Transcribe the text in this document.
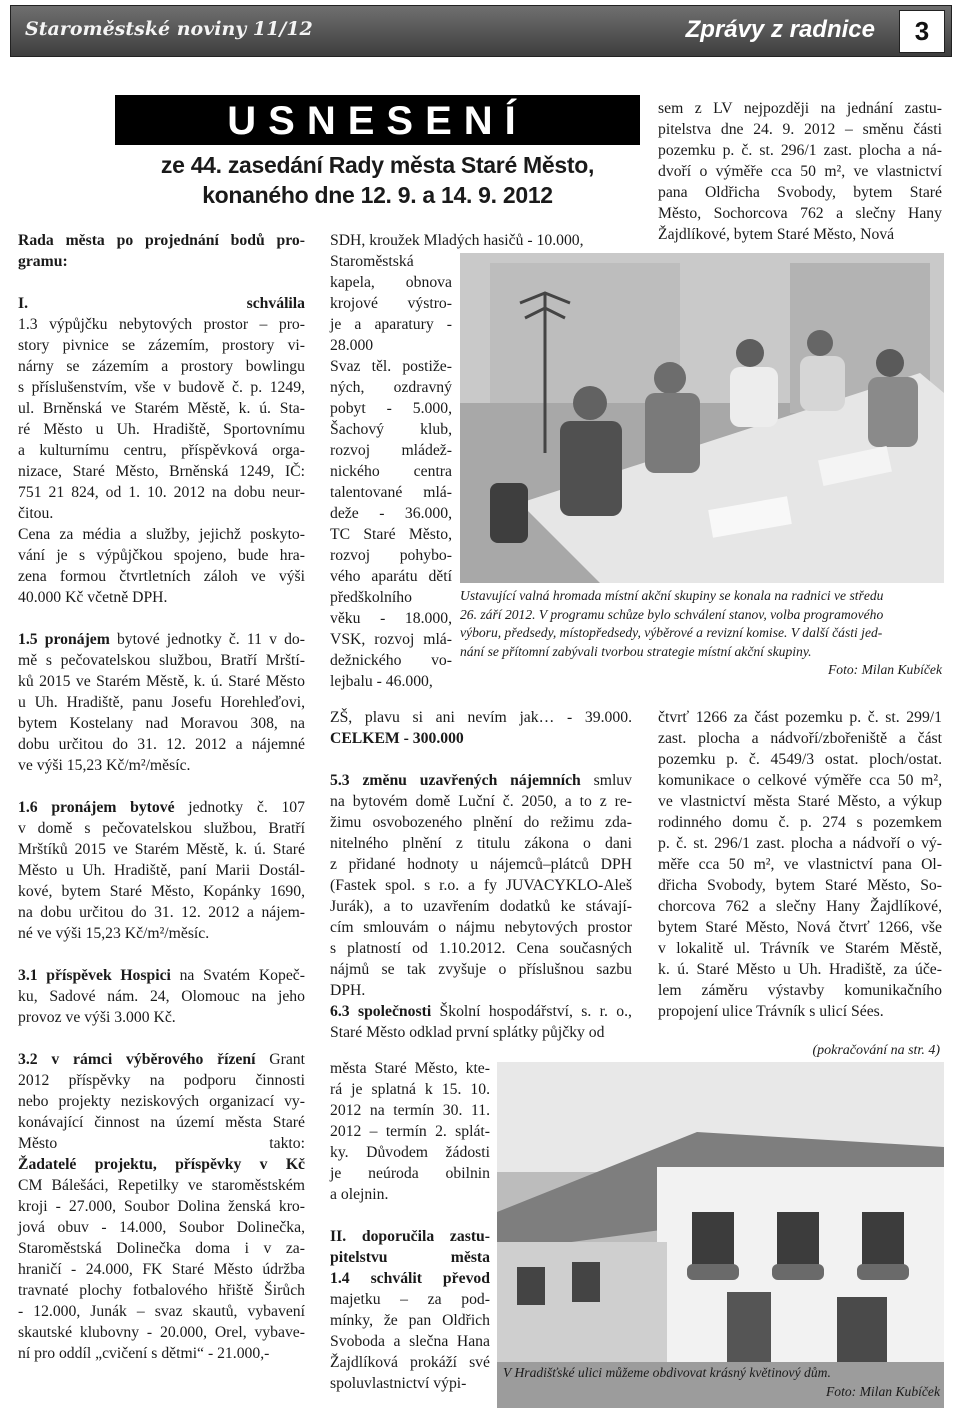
Staroměstské noviny 11/12	Zprávy z radnice	3
USNESENÍ
ze 44. zasedání Rady města Staré Město,
konaného dne 12. 9. a 14. 9. 2012
Rada města po projednání bodů pro-
gramu:
I. schválila
1.3 výpůjčku nebytových prostor – pro-
story pivnice se zázemím, prostory vi-
nárny se zázemím a prostory bowlingu
s příslušenstvím, vše v budově č. p. 1249,
ul. Brněnská ve Starém Městě, k. ú. Sta-
ré Město u Uh. Hradiště, Sportovnímu
a kulturnímu centru, příspěvková orga-
nizace, Staré Město, Brněnská 1249, IČ:
751 21 824, od 1. 10. 2012 na dobu neur-
čitou.
Cena za média a služby, jejichž poskyto-
vání je s výpůjčkou spojeno, bude hra-
zena formou čtvrtletních záloh ve výši
40.000 Kč včetně DPH.
1.5 pronájem bytové jednotky č. 11 v do-
mě s pečovatelskou službou, Bratří Mrští-
ků 2015 ve Starém Městě, k. ú. Staré Město
u Uh. Hradiště, panu Josefu Horehleďovi,
bytem Kostelany nad Moravou 308, na
dobu určitou do 31. 12. 2012 a nájemné
ve výši 15,23 Kč/m²/měsíc.
1.6 pronájem bytové jednotky č. 107
v domě s pečovatelskou službou, Bratří
Mrštíků 2015 ve Starém Městě, k. ú. Staré
Město u Uh. Hradiště, paní Marii Dostál-
kové, bytem Staré Město, Kopánky 1690,
na dobu určitou do 31. 12. 2012 a nájem-
né ve výši 15,23 Kč/m²/měsíc.
3.1 příspěvek Hospici na Svatém Kopeč-
ku, Sadové nám. 24, Olomouc na jeho
provoz ve výši 3.000 Kč.
3.2 v rámci výběrového řízení Grant
2012 příspěvky na podporu činnosti
nebo projekty neziskových organizací vy-
konávající činnost na území města Staré
Město takto:
Žadatelé projektu, příspěvky v Kč
CM Bálešáci, Repetilky ve staroměstském
kroji - 27.000, Soubor Dolina ženská kro-
jová obuv - 14.000, Soubor Dolinečka,
Staroměstská Dolinečka doma i v za-
hraničí - 24.000, FK Staré Město údržba
travnaté plochy fotbalového hřiště Širůch
- 12.000, Junák – svaz skautů, vybavení
skautské klubovny - 20.000, Orel, vybave-
ní pro oddíl „cvičení s dětmi“ - 21.000,-
SDH, kroužek Mladých hasičů - 10.000,
Staroměstská
kapela, obnova
krojové výstro-
je a aparatury -
28.000
Svaz těl. postiže-
ných, ozdravný
pobyt - 5.000,
Šachový klub,
rozvoj mládež-
nického centra
talentované mlá-
deže - 36.000,
TC Staré Město,
rozvoj pohybo-
vého aparátu dětí
předškolního
věku - 18.000,
VSK, rozvoj mlá-
dežnického vo-
lejbalu - 46.000,
ZŠ, plavu si ani nevím jak… - 39.000.
CELKEM - 300.000
5.3 změnu uzavřených nájemních smluv
na bytovém domě Luční č. 2050, a to z re-
žimu osvobozeného plnění do režimu zda-
nitelného plnění z titulu zákona o dani
z přidané hodnoty u nájemců–plátců DPH
(Fastek spol. s r.o. a fy JUVACYKLO-Aleš
Jurák), a to uzavřením dodatků ke stávají-
cím smlouvám o nájmu nebytových prostor
s platností od 1.10.2012. Cena současných
nájmů se tak zvyšuje o příslušnou sazbu
DPH.
6.3 společnosti Školní hospodářství, s. r. o.,
Staré Město odklad první splátky půjčky od
města Staré Město, kte-
rá je splatná k 15. 10.
2012 na termín 30. 11.
2012 – termín 2. splát-
ky. Důvodem žádosti
je neúroda obilnin
a olejnin.
II. doporučila zastu-
pitelstvu města
1.4 schválit převod
majetku – za pod-
mínky, že pan Oldřich
Svoboda a slečna Hana
Žajdlíková prokáží své
spoluvlastnictví výpi-
sem z LV nejpozději na jednání zastu-
pitelstva dne 24. 9. 2012 – směnu části
pozemku p. č. st. 296/1 zast. plocha a ná-
dvoří o výměře cca 50 m², ve vlastnictví
pana Oldřicha Svobody, bytem Staré
Město, Sochorcova 762 a slečny Hany
Žajdlíkové, bytem Staré Město, Nová
čtvrť 1266 za část pozemku p. č. st. 299/1
zast. plocha a nádvoří/zbořeniště a část
pozemku p. č. 4549/3 ostat. ploch/ostat.
komunikace o celkové výměře cca 50 m²,
ve vlastnictví města Staré Město, a výkup
rodinného domu č. p. 274 s pozemkem
p. č. st. 296/1 zast. plocha a nádvoří o vý-
měře cca 50 m², ve vlastnictví pana Ol-
dřicha Svobody, bytem Staré Město, So-
chorcova 762 a slečny Hany Žajdlíkové,
bytem Staré Město, Nová čtvrť 1266, vše
v lokalitě ul. Trávník ve Starém Městě,
k. ú. Staré Město u Uh. Hradiště, za úče-
lem záměru výstavby komunikačního
propojení ulice Trávník s ulicí Sées.
(pokračování na str. 4)
Ustavující valná hromada místní akční skupiny se konala na radnici ve středu
26. září 2012. V programu schůze bylo schválení stanov, volba programového
výboru, předsedy, místopředsedy, výběrové a revizní komise. V další části jed-
nání se přítomní zabývali tvorbou strategie místní akční skupiny.
Foto: Milan Kubíček
V Hradišťské ulici můžeme obdivovat krásný květinový dům.
Foto: Milan Kubíček
